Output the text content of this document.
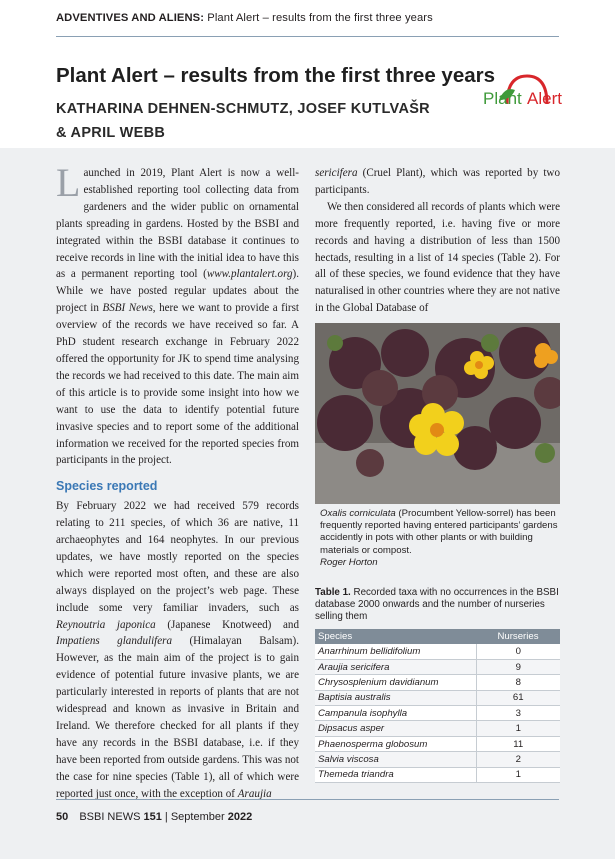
ADVENTIVES AND ALIENS: Plant Alert – results from the first three years
Plant Alert – results from the first three years
KATHARINA DEHNEN-SCHMUTZ, JOSEF KUTLVAŠR
& APRIL WEBB
Plant Alert

Launched in 2019, Plant Alert is now a well-established reporting tool collecting data from gardeners and the wider public on ornamental plants spreading in gardens. Hosted by the BSBI and integrated within the BSBI database it continues to receive records in line with the initial idea to have this as a permanent reporting tool (www.plantalert.org). While we have posted regular updates about the project in BSBI News, here we want to provide a first overview of the records we have received so far. A PhD student research exchange in February 2022 offered the opportunity for JK to spend time analysing the records we had received to this date. The main aim of this article is to provide some insight into how we want to use the data to identify potential future invasive species and to report some of the additional information we received for the reported species from participants in the project.

Species reported

By February 2022 we had received 579 records relating to 211 species, of which 36 are native, 11 archaeophytes and 164 neophytes. In our previous updates, we have mostly reported on the species which were reported most often, and these are also always displayed on the project’s web page. These include some very familiar invaders, such as Reynoutria japonica (Japanese Knotweed) and Impatiens glandulifera (Himalayan Balsam). However, as the main aim of the project is to gain evidence of potential future invasive plants, we are particularly interested in reports of plants that are not widespread and known as invasive in Britain and Ireland. We therefore checked for all plants if they have any records in the BSBI database, i.e. if they have been reported from outside gardens. This was not the case for nine species (Table 1), all of which were reported just once, with the exception of Araujia

sericifera (Cruel Plant), which was reported by two participants.

We then considered all records of plants which were more frequently reported, i.e. having five or more records and having a distribution of less than 1500 hectads, resulting in a list of 14 species (Table 2). For all of these species, we found evidence that they have naturalised in other countries where they are not native in the Global Database of

Oxalis corniculata (Procumbent Yellow-sorrel) has been frequently reported having entered participants’ gardens accidently in pots with other plants or with building materials or compost.
Roger Horton
Table 1. Recorded taxa with no occurrences in the BSBI database 2000 onwards and the number of nurseries selling them
Species	Nurseries
Anarrhinum bellidifolium	0
Araujia sericifera	9
Chrysosplenium davidianum	8
Baptisia australis	61
Campanula isophylla	3
Dipsacus asper	1
Phaenosperma globosum	11
Salvia viscosa	2
Themeda triandra	1
50 BSBI NEWS 151 | September 2022
